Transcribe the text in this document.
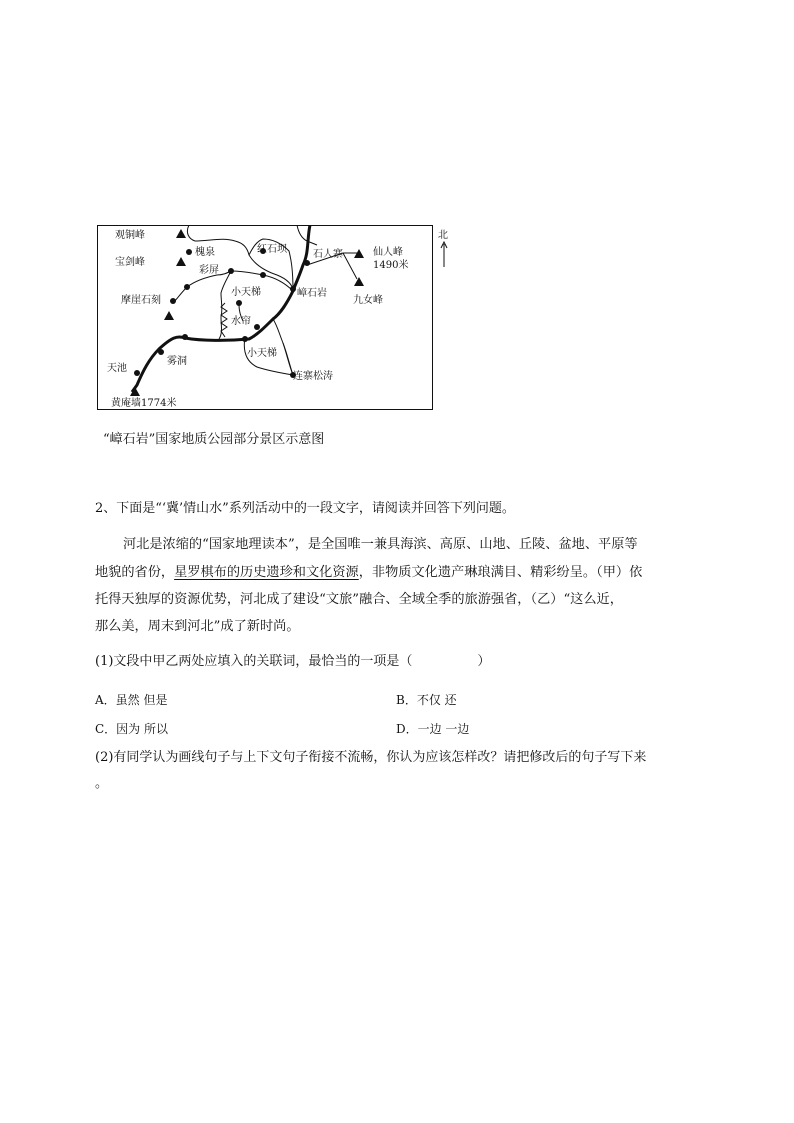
观铜峰
宝剑峰
槐泉	红石坝	石人寨	仙人峰
1490米
彩屏
小天梯
摩崖石刻
嶂石岩
九女峰
水帘
小天梯
雾洞
天池
连寨松涛
黄庵墙1774米
北
“嶂石岩”国家地质公园部分景区示意图
2、下面是“‘冀’情山水”系列活动中的一段文字，请阅读并回答下列问题。
河北是浓缩的“国家地理读本”，是全国唯一兼具海滨、高原、山地、丘陵、盆地、平原等
地貌的省份，星罗棋布的历史遗珍和文化资源，非物质文化遗产琳琅满目、精彩纷呈。（甲）依
托得天独厚的资源优势，河北成了建设“文旅”融合、全域全季的旅游强省，（乙）“这么近，
那么美，周末到河北”成了新时尚。
(1)文段中甲乙两处应填入的关联词，最恰当的一项是（　　　　　）
A．虽然 但是	B．不仅 还
C．因为 所以	D．一边 一边
(2)有同学认为画线句子与上下文句子衔接不流畅，你认为应该怎样改？请把修改后的句子写下来
。
